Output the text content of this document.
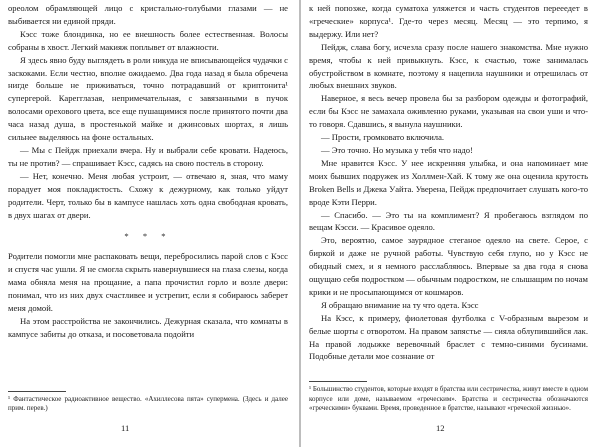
ореолом обрамляющей лицо с кристально-голубыми глазами — не выбивается ни единой пряди.

Кэсс тоже блондинка, но ее внешность более естественная. Волосы собраны в хвост. Легкий макияж поплывет от влажности.

Я здесь явно буду выглядеть в роли никуда не вписывающейся чудачки с заскоками. Если честно, вполне ожидаемо. Два года назад я была обречена нигде больше не приживаться, точно потрадавший от криптонита¹ супергерой. Карегглазая, непримечательная, с завязанными в пучок волосами орехового цвета, все еще пушащимися после принятого почти два часа назад душа, в простенькой майке и джинсовых шортах, я лишь сильнее выделяюсь на фоне остальных.

— Мы с Пейдж приехали вчера. Ну и выбрали себе кровати. Надеюсь, ты не против? — спрашивает Кэсс, садясь на свою постель в сторону.

— Нет, конечно. Меня любая устроит, — отвечаю я, зная, что маму порадует моя покладистость. Схожу к дежурному, как только уйдут родители. Черт, только бы в кампусе нашлась хоть одна свободная кровать, в двух шагах от двери.

* * *

Родители помогли мне распаковать вещи, перебросились парой слов с Кэсс и спустя час ушли. Я не смогла скрыть навернувшиеся на глаза слезы, когда мама обняла меня на прощание, а папа прочистил горло и возле двери: понимал, что из них двух счастливее и устрепит, если я собираюсь заберет меня домой.

На этом расстройства не закончились. Дежурная сказала, что комнаты в кампусе забиты до отказа, и посоветовала подойти

¹ Фантастическое радиоактивное вещество. «Ахиллесова пята» супермена. (Здесь и далее прим. перев.)

11

к ней попозже, когда суматоха уляжется и часть студентов перееедет в «греческие» корпуса¹. Где-то через месяц. Месяц — это терпимо, я выдержу. Или нет?

Пейдж, слава богу, исчезла сразу после нашего знакомства. Мне нужно время, чтобы к ней привыкнуть. Кэсс, к счастью, тоже занималась обустройством в комнате, поэтому я нацепила наушники и отрешилась от любых внешних звуков.

Наверное, я весь вечер провела бы за разбором одежды и фотографий, если бы Кэсс не замахала оживленно руками, указывая на свои уши и что-то говоря. Сдавшись, я вынула наушники.

— Прости, громковато включила.

— Это точно. Но музыка у тебя что надо!

Мне нравится Кэсс. У нее искренняя улыбка, и она напоминает мне моих бывших подружек из Холлмен-Хай. К тому же она оценила крутость Broken Bells и Джека Уайта. Уверена, Пейдж предпочитает слушать кого-то вроде Кэти Перри.

— Спасибо. — Это ты на комплимент? Я пробегаюсь взглядом по вещам Кэсси. — Красивое одеяло.

Это, вероятно, самое заурядное стеганое одеяло на свете. Серое, с биркой и даже не ручной работы. Чувствую себя глупо, но у Кэсс не обидный смех, и я немного расслабляюсь. Впервые за два года я снова ощущаю себя подростком — обычным подростком, не слышащим по ночам крики и не просыпающимся от кошмаров.

Я обращаю внимание на ту что одета. Кэсс

На Кэсс, к примеру, фиолетовая футболка с V-образным вырезом и белые шорты с отворотом. На правом запястье — сияла облупившийся лак. На правой лодыжке веревочный браслет с темно-синими бусинами. Подобные детали мое сознание от

¹ Большинство студентов, которые входят в братства или сестричества, живут вместе в одном корпусе или доме, называемом «греческим». Братства и сестричества обозначаются «греческими» буквами. Время, проведенное в братстве, называют «греческой жизнью».

12
